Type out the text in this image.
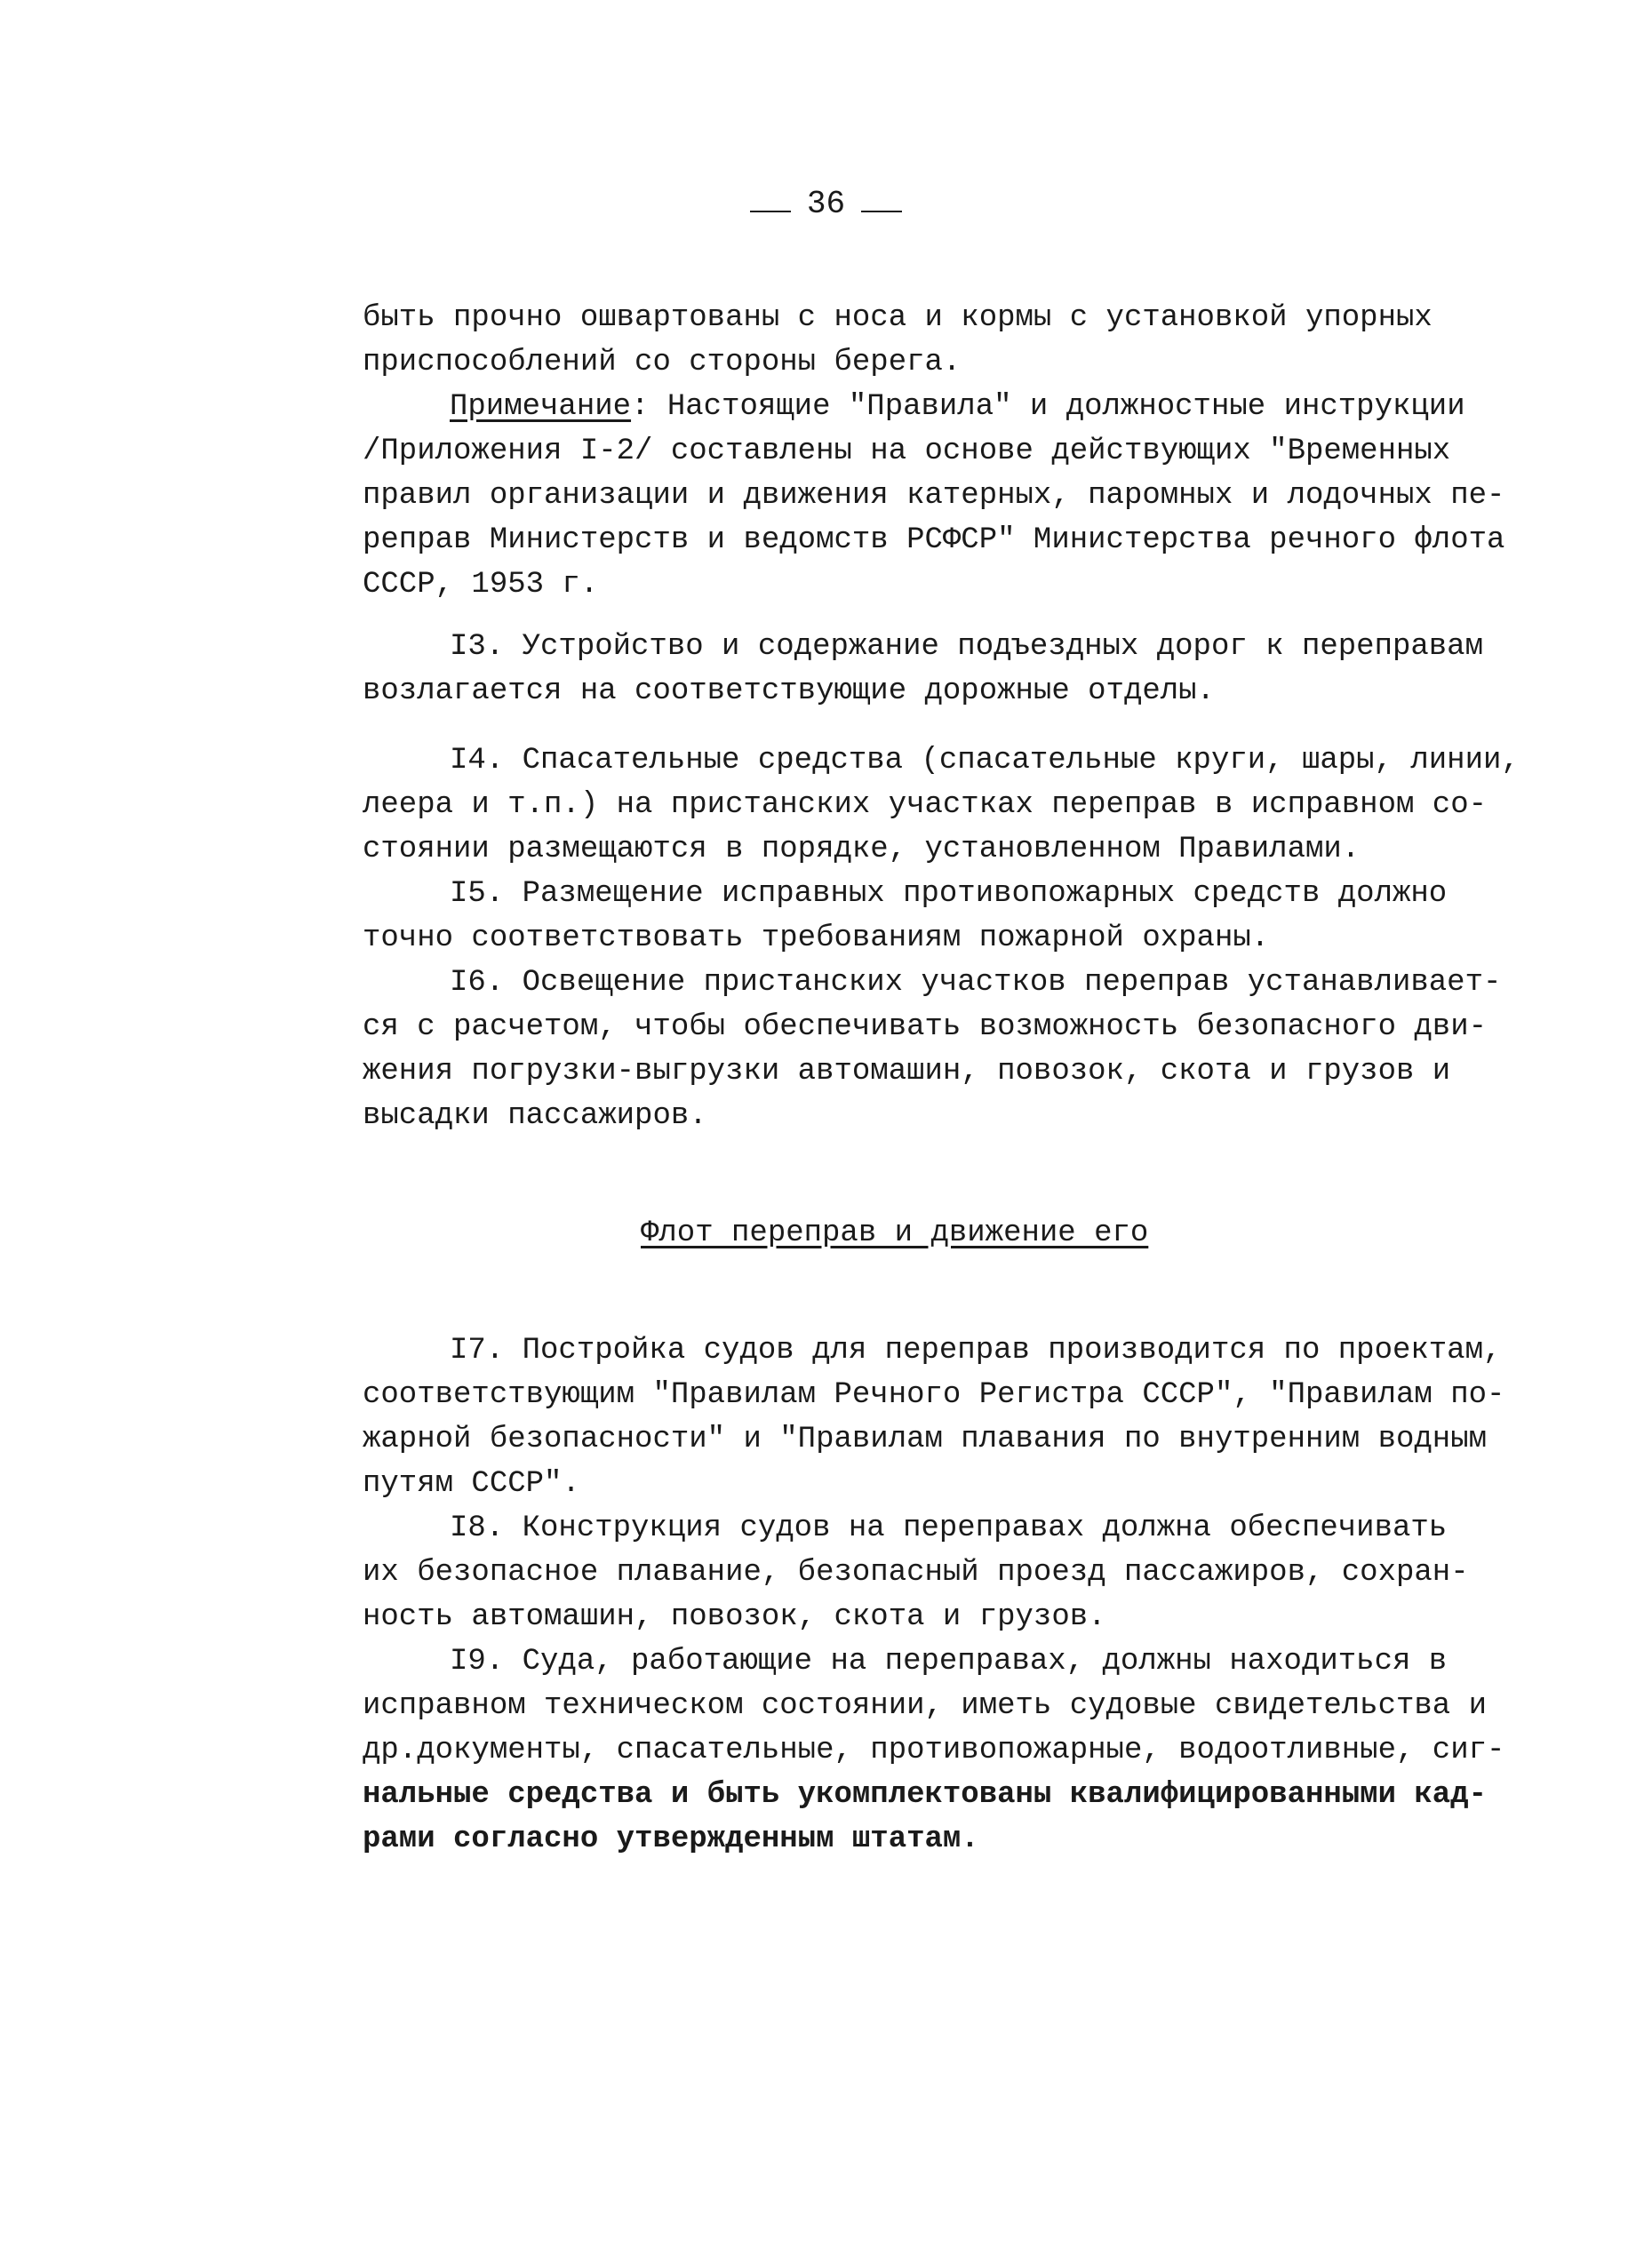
36
быть прочно ошвартованы с носа и кормы с установкой упорных
приспособлений со стороны берега.
Примечание: Настоящие "Правила" и должностные инструкции
/Приложения I-2/ составлены на основе действующих "Временных
правил организации и движения катерных, паромных и лодочных пе-
реправ Министерств и ведомств РСФСР" Министерства речного флота
СССР, 1953 г.
I3. Устройство и содержание подъездных дорог к переправам
возлагается на соответствующие дорожные отделы.
I4. Спасательные средства (спасательные круги, шары, линии,
леера и т.п.) на пристанских участках переправ в исправном со-
стоянии размещаются в порядке, установленном Правилами.
I5. Размещение исправных противопожарных средств должно
точно соответствовать требованиям пожарной охраны.
I6. Освещение пристанских участков переправ устанавливает-
ся с расчетом, чтобы обеспечивать возможность безопасного дви-
жения погрузки-выгрузки автомашин, повозок, скота и грузов и
высадки пассажиров.
Флот переправ и движение его
I7. Постройка судов для переправ производится по проектам,
соответствующим "Правилам Речного Регистра СССР", "Правилам по-
жарной безопасности" и "Правилам плавания по внутренним водным
путям СССР".
I8. Конструкция судов на переправах должна обеспечивать
их безопасное плавание, безопасный проезд пассажиров, сохран-
ность автомашин, повозок, скота и грузов.
I9. Суда, работающие на переправах, должны находиться в
исправном техническом состоянии, иметь судовые свидетельства и
др.документы, спасательные, противопожарные, водоотливные, сиг-
нальные средства и быть укомплектованы квалифицированными кад-
рами согласно утвержденным штатам.
